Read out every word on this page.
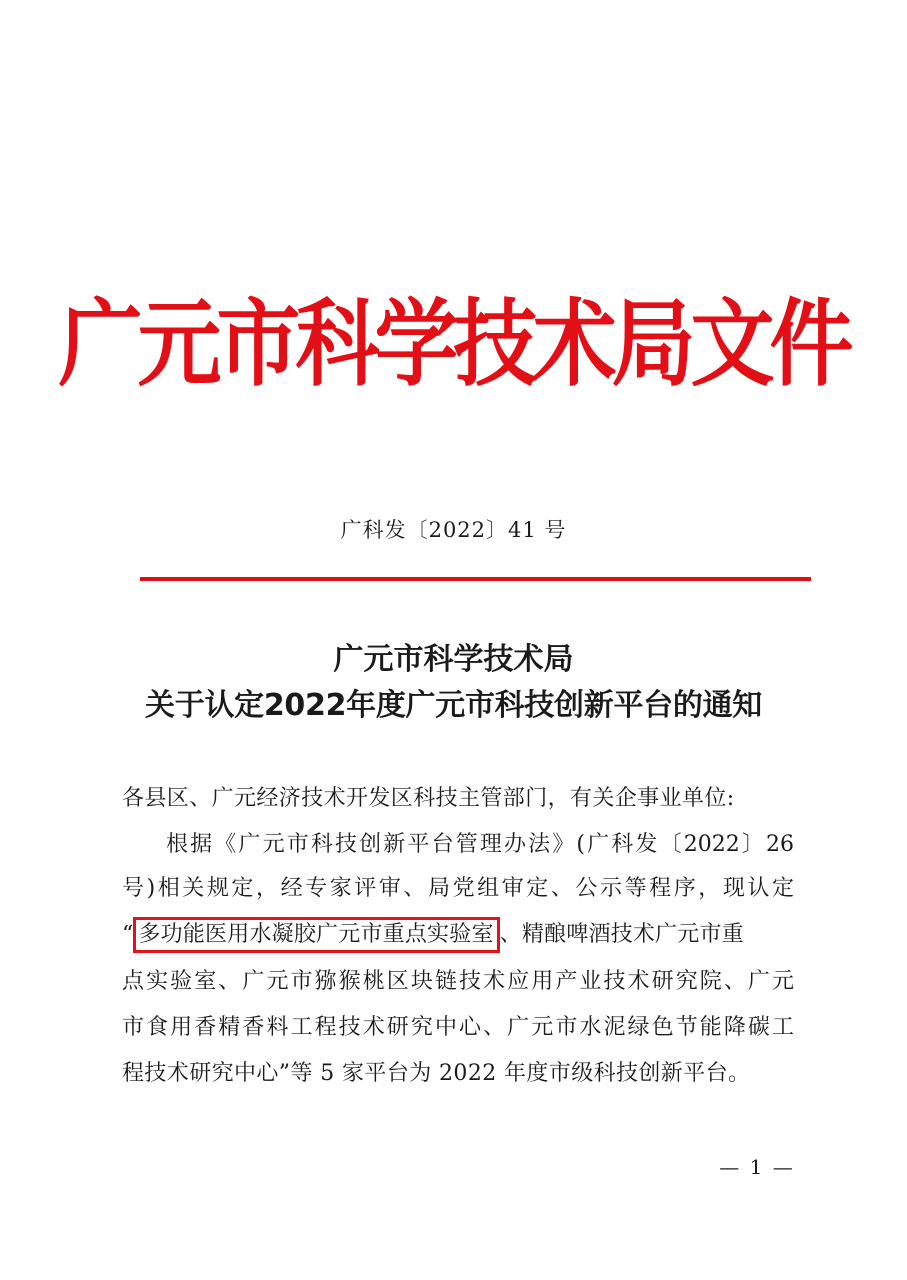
广元市科学技术局文件
广科发〔2022〕41 号
广元市科学技术局
关于认定2022年度广元市科技创新平台的通知
各县区、广元经济技术开发区科技主管部门，有关企事业单位:
根据《广元市科技创新平台管理办法》(广科发〔2022〕26
号)相关规定，经专家评审、局党组审定、公示等程序，现认定
“ 多功能医用水凝胶广元市重点实验室 、精酿啤酒技术广元市重
点实验室、广元市猕猴桃区块链技术应用产业技术研究院、广元
市食用香精香料工程技术研究中心、广元市水泥绿色节能降碳工
程技术研究中心”等 5 家平台为 2022 年度市级科技创新平台。
— 1 —
